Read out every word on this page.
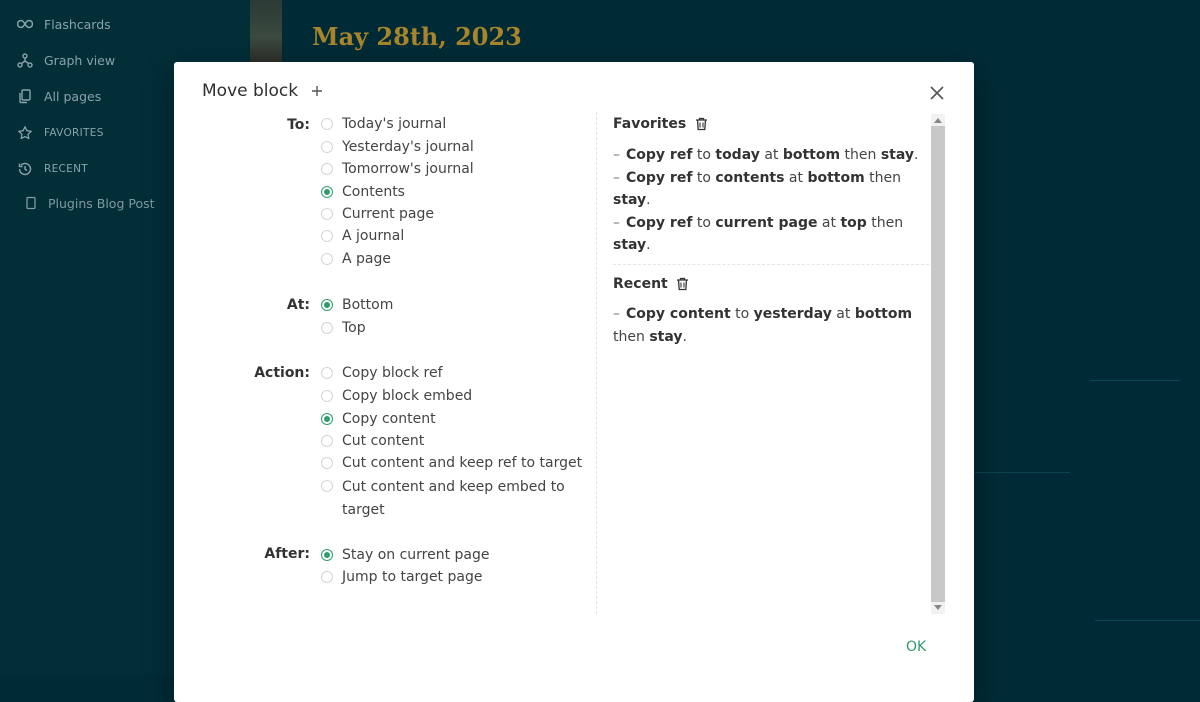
Flashcards
Graph view
All pages
FAVORITES
RECENT
Plugins Blog Post
May 28th, 2023
Move block
To: Today's journal
Yesterday's journal
Tomorrow's journal
Contents
Current page
A journal
A page
At: Bottom
Top
Action: Copy block ref
Copy block embed
Copy content
Cut content
Cut content and keep ref to target
Cut content and keep embed to target
After: Stay on current page
Jump to target page
Favorites
– Copy ref to today at bottom then stay.
– Copy ref to contents at bottom then stay.
– Copy ref to current page at top then stay.
Recent
– Copy content to yesterday at bottom then stay.
OK
